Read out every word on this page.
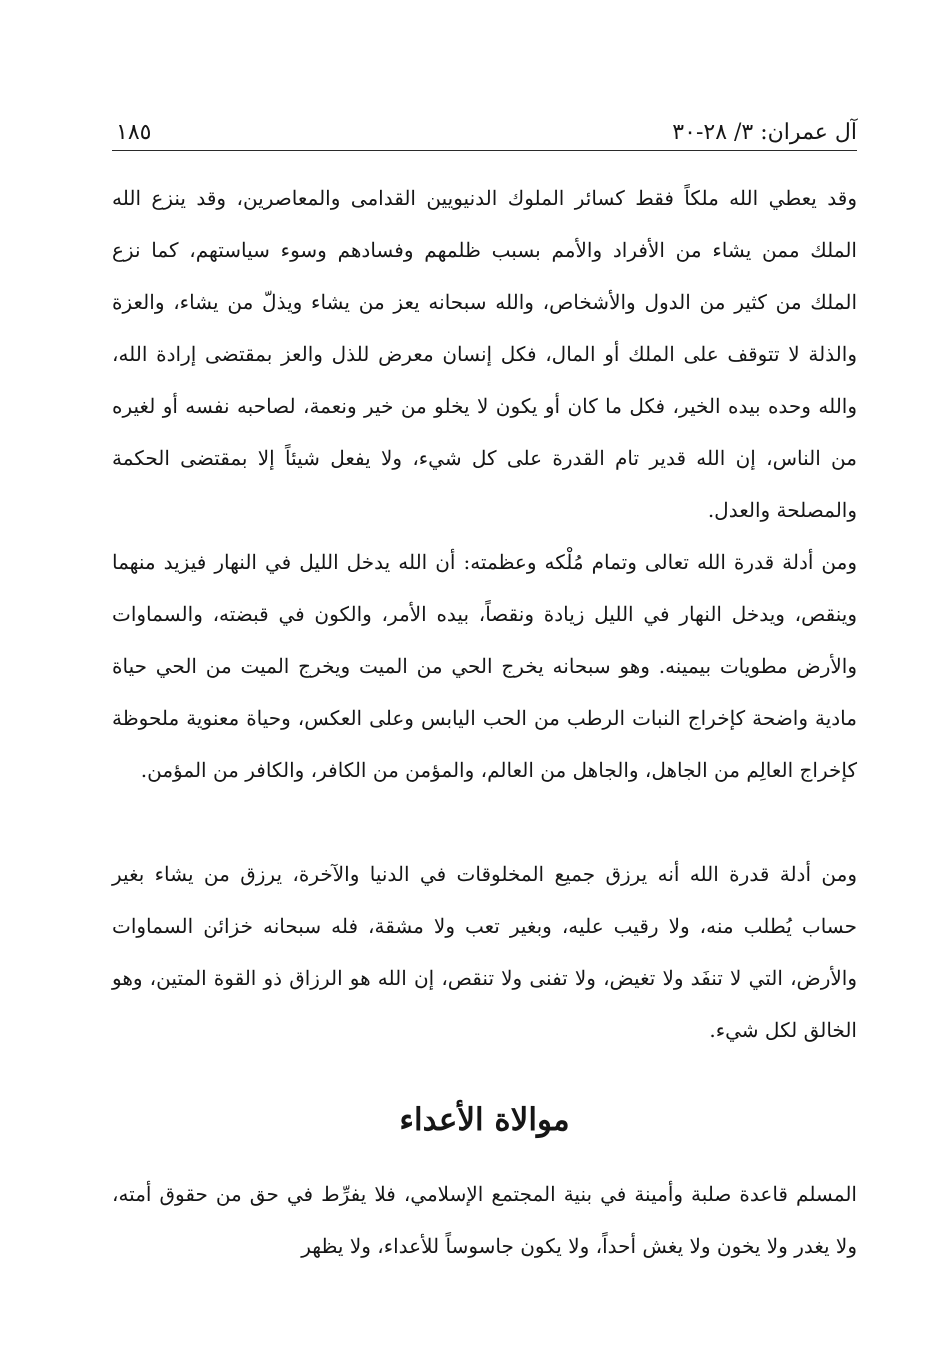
آل عمران: ٣/ ٢٨-٣٠
١٨٥

وقد يعطي الله ملكاً فقط كسائر الملوك الدنيويين القدامى والمعاصرين، وقد ينزع الله الملك ممن يشاء من الأفراد والأمم بسبب ظلمهم وفسادهم وسوء سياستهم، كما نزع الملك من كثير من الدول والأشخاص، والله سبحانه يعز من يشاء ويذلّ من يشاء، والعزة والذلة لا تتوقف على الملك أو المال، فكل إنسان معرض للذل والعز بمقتضى إرادة الله، والله وحده بيده الخير، فكل ما كان أو يكون لا يخلو من خير ونعمة، لصاحبه نفسه أو لغيره من الناس، إن الله قدير تام القدرة على كل شيء، ولا يفعل شيئاً إلا بمقتضى الحكمة والمصلحة والعدل.

ومن أدلة قدرة الله تعالى وتمام مُلْكه وعظمته: أن الله يدخل الليل في النهار فيزيد منهما وينقص، ويدخل النهار في الليل زيادة ونقصاً، بيده الأمر، والكون في قبضته، والسماوات والأرض مطويات بيمينه. وهو سبحانه يخرج الحي من الميت ويخرج الميت من الحي حياة مادية واضحة كإخراج النبات الرطب من الحب اليابس وعلى العكس، وحياة معنوية ملحوظة كإخراج العالِم من الجاهل، والجاهل من العالم، والمؤمن من الكافر، والكافر من المؤمن.

ومن أدلة قدرة الله أنه يرزق جميع المخلوقات في الدنيا والآخرة، يرزق من يشاء بغير حساب يُطلب منه، ولا رقيب عليه، وبغير تعب ولا مشقة، فله سبحانه خزائن السماوات والأرض، التي لا تنفَد ولا تغيض، ولا تفنى ولا تنقص، إن الله هو الرزاق ذو القوة المتين، وهو الخالق لكل شيء.

موالاة الأعداء

المسلم قاعدة صلبة وأمينة في بنية المجتمع الإسلامي، فلا يفرِّط في حق من حقوق أمته، ولا يغدر ولا يخون ولا يغش أحداً، ولا يكون جاسوساً للأعداء، ولا يظهر
